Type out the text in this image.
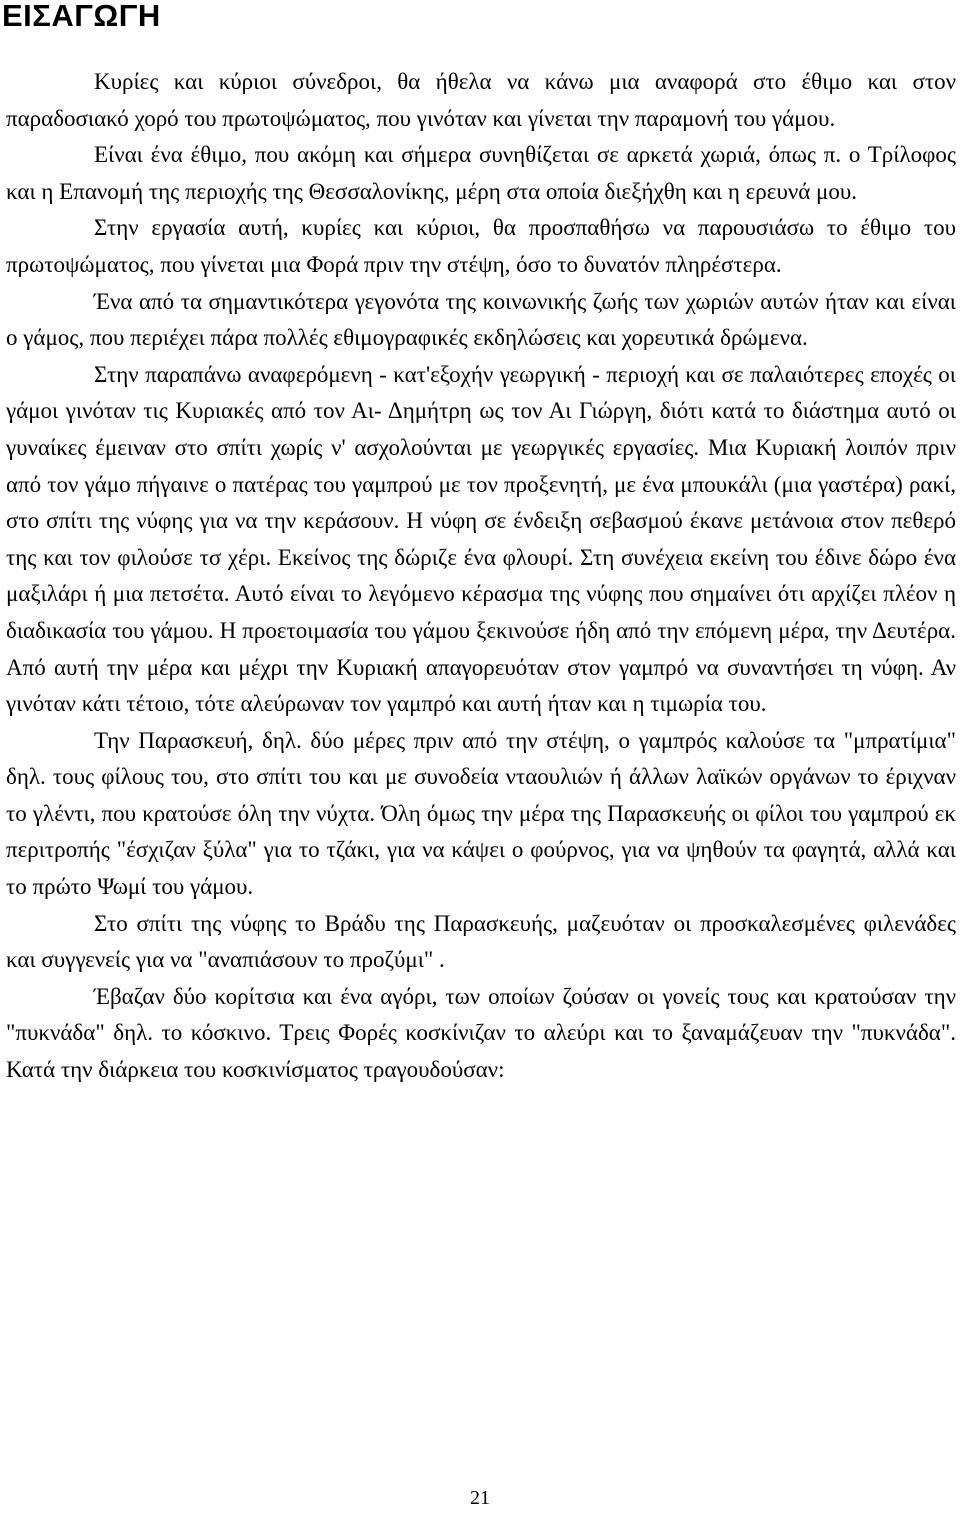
ΕΙΣΑΓΩΓΗ

Κυρίες και κύριοι σύνεδροι, θα ήθελα να κάνω μια αναφορά στο έθιμο και στον παραδοσιακό χορό του πρωτοψώματος, που γινόταν και γίνεται την παραμονή του γάμου.

Είναι ένα έθιμο, που ακόμη και σήμερα συνηθίζεται σε αρκετά χωριά, όπως π. ο Τρίλοφος και η Επανομή της περιοχής της Θεσσαλονίκης, μέρη στα οποία διεξήχθη και η ερευνά μου.

Στην εργασία αυτή, κυρίες και κύριοι, θα προσπαθήσω να παρουσιάσω το έθιμο του πρωτοψώματος, που γίνεται μια Φορά πριν την στέψη, όσο το δυνατόν πληρέστερα.

Ένα από τα σημαντικότερα γεγονότα της κοινωνικής ζωής των χωριών αυτών ήταν και είναι ο γάμος, που περιέχει πάρα πολλές εθιμογραφικές εκδηλώσεις και χορευτικά δρώμενα.

Στην παραπάνω αναφερόμενη - κατ'εξοχήν γεωργική - περιοχή και σε παλαιότερες εποχές οι γάμοι γινόταν τις Κυριακές από τον Αι- Δημήτρη ως τον Αι Γιώργη, διότι κατά το διάστημα αυτό οι γυναίκες έμειναν στο σπίτι χωρίς ν' ασχολούνται με γεωργικές εργασίες. Μια Κυριακή λοιπόν πριν από τον γάμο πήγαινε ο πατέρας του γαμπρού με τον προξενητή, με ένα μπουκάλι (μια γαστέρα) ρακί, στο σπίτι της νύφης για να την κεράσουν. Η νύφη σε ένδειξη σεβασμού έκανε μετάνοια στον πεθερό της και τον φιλούσε τσ χέρι. Εκείνος της δώριζε ένα φλουρί. Στη συνέχεια εκείνη του έδινε δώρο ένα μαξιλάρι ή μια πετσέτα. Αυτό είναι το λεγόμενο κέρασμα της νύφης που σημαίνει ότι αρχίζει πλέον η διαδικασία του γάμου. Η προετοιμασία του γάμου ξεκινούσε ήδη από την επόμενη μέρα, την Δευτέρα. Από αυτή την μέρα και μέχρι την Κυριακή απαγορευόταν στον γαμπρό να συναντήσει τη νύφη. Αν γινόταν κάτι τέτοιο, τότε αλεύρωναν τον γαμπρό και αυτή ήταν και η τιμωρία του.

Την Παρασκευή, δηλ. δύο μέρες πριν από την στέψη, ο γαμπρός καλούσε τα "μπρατίμια" δηλ. τους φίλους του, στο σπίτι του και με συνοδεία νταουλιών ή άλλων λαϊκών οργάνων το έριχναν το γλέντι, που κρατούσε όλη την νύχτα. Όλη όμως την μέρα της Παρασκευής οι φίλοι του γαμπρού εκ περιτροπής "έσχιζαν ξύλα" για το τζάκι, για να κάψει ο φούρνος, για να ψηθούν τα φαγητά, αλλά και το πρώτο Ψωμί του γάμου.

Στο σπίτι της νύφης το Βράδυ της Παρασκευής, μαζευόταν οι προσκαλεσμένες φιλενάδες και συγγενείς για να "αναπιάσουν το προζύμι" .

Έβαζαν δύο κορίτσια και ένα αγόρι, των οποίων ζούσαν οι γονείς τους και κρατούσαν την "πυκνάδα" δηλ. το κόσκινο. Τρεις Φορές κοσκίνιζαν το αλεύρι και το ξαναμάζευαν την "πυκνάδα". Κατά την διάρκεια του κοσκινίσματος τραγουδούσαν:

21
